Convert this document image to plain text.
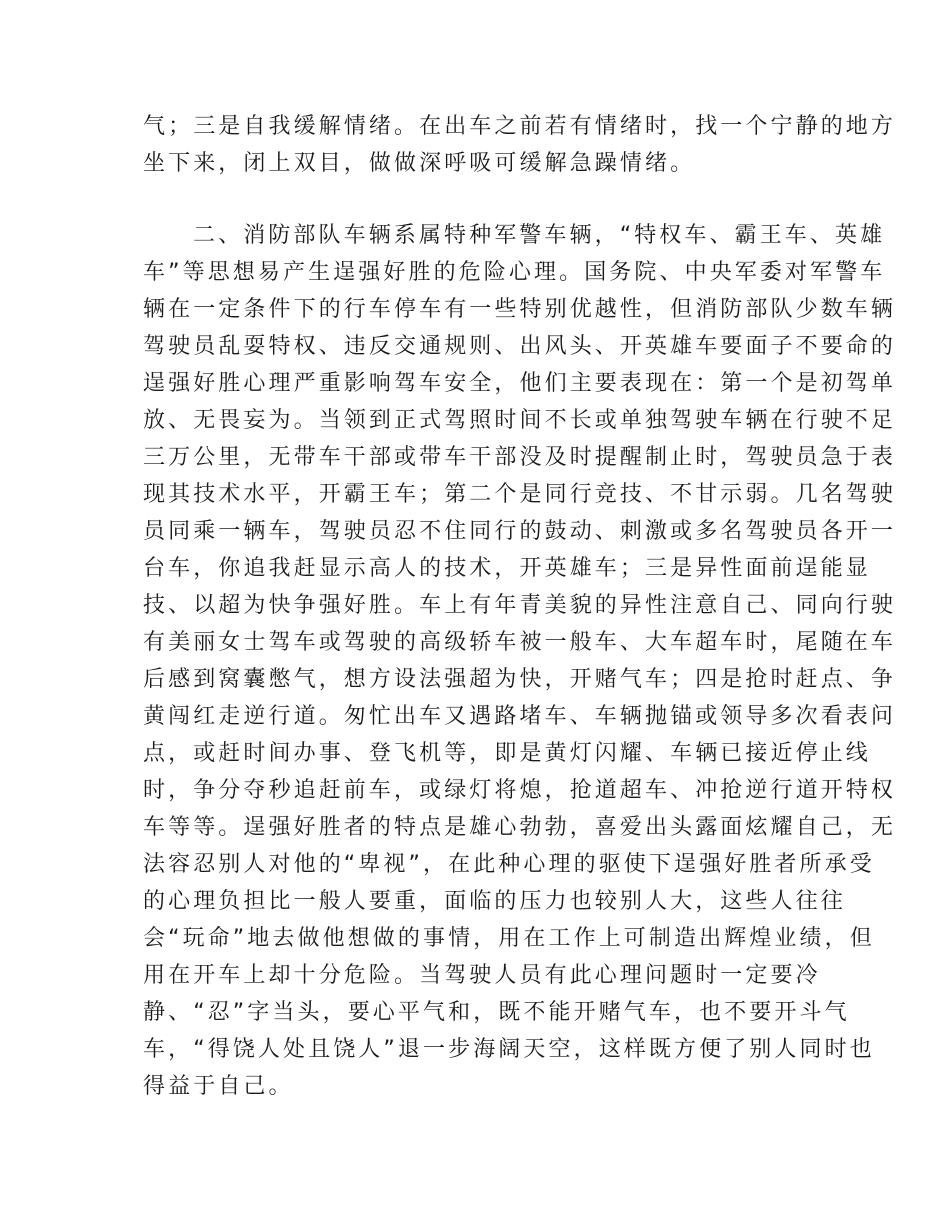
气；三是自我缓解情绪。在出车之前若有情绪时，找一个宁静的地方
坐下来，闭上双目，做做深呼吸可缓解急躁情绪。
二、消防部队车辆系属特种军警车辆，“特权车、霸王车、英雄
车”等思想易产生逞强好胜的危险心理。国务院、中央军委对军警车
辆在一定条件下的行车停车有一些特别优越性，但消防部队少数车辆
驾驶员乱耍特权、违反交通规则、出风头、开英雄车要面子不要命的
逞强好胜心理严重影响驾车安全，他们主要表现在：第一个是初驾单
放、无畏妄为。当领到正式驾照时间不长或单独驾驶车辆在行驶不足
三万公里，无带车干部或带车干部没及时提醒制止时，驾驶员急于表
现其技术水平，开霸王车；第二个是同行竞技、不甘示弱。几名驾驶
员同乘一辆车，驾驶员忍不住同行的鼓动、刺激或多名驾驶员各开一
台车，你追我赶显示高人的技术，开英雄车；三是异性面前逞能显
技、以超为快争强好胜。车上有年青美貌的异性注意自己、同向行驶
有美丽女士驾车或驾驶的高级轿车被一般车、大车超车时，尾随在车
后感到窝囊憋气，想方设法强超为快，开赌气车；四是抢时赶点、争
黄闯红走逆行道。匆忙出车又遇路堵车、车辆抛锚或领导多次看表问
点，或赶时间办事、登飞机等，即是黄灯闪耀、车辆已接近停止线
时，争分夺秒追赶前车，或绿灯将熄，抢道超车、冲抢逆行道开特权
车等等。逞强好胜者的特点是雄心勃勃，喜爱出头露面炫耀自己，无
法容忍别人对他的“卑视”，在此种心理的驱使下逞强好胜者所承受
的心理负担比一般人要重，面临的压力也较别人大，这些人往往
会“玩命”地去做他想做的事情，用在工作上可制造出辉煌业绩，但
用在开车上却十分危险。当驾驶人员有此心理问题时一定要冷
静、“忍”字当头，要心平气和，既不能开赌气车，也不要开斗气
车，“得饶人处且饶人”退一步海阔天空，这样既方便了别人同时也
得益于自己。
